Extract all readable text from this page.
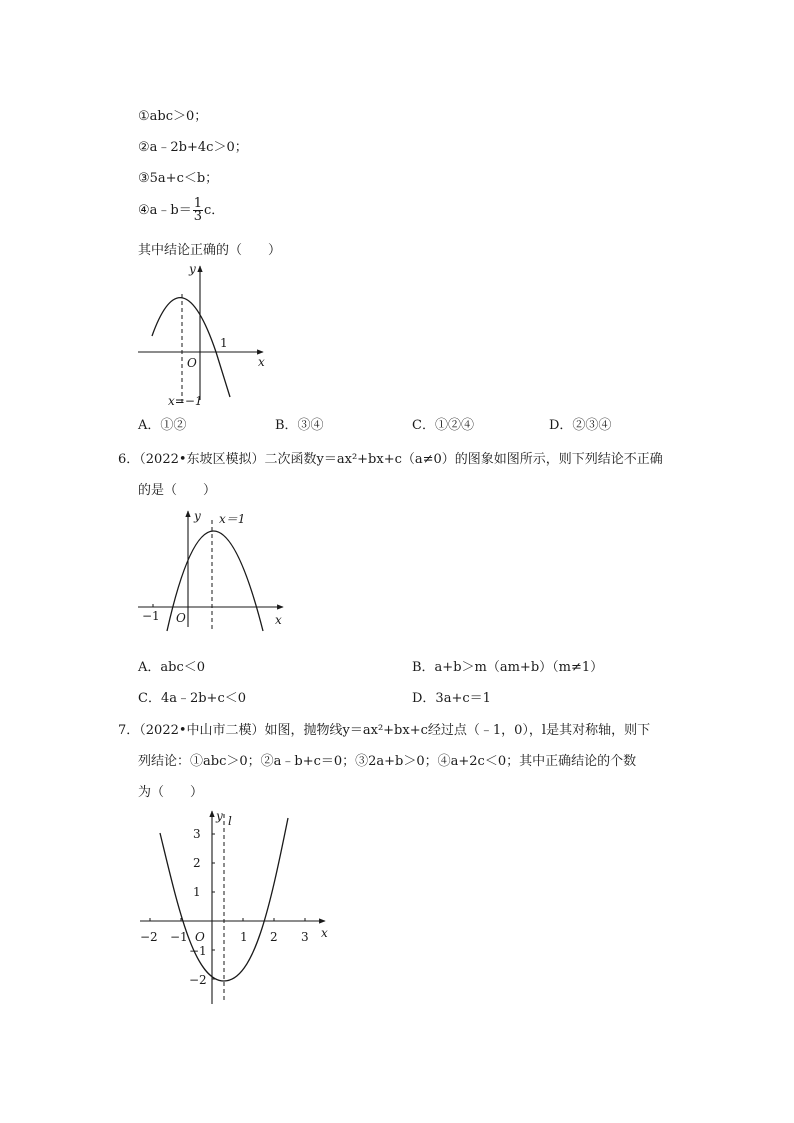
①abc＞0；
②a﹣2b+4c＞0；
③5a+c＜b；
④a﹣b＝ $\frac{1}{3}$ c．
其中结论正确的（　　）
y
x
O
1
x=−1
A．①②	B．③④	C．①②④	D．②③④
6．（2022•东坡区模拟）二次函数y＝ax²+bx+c（a≠0）的图象如图所示，则下列结论不正确
的是（　　）
y x＝1
x
O
−1
A．abc＜0	B．a+b＞m（am+b）（m≠1）
C．4a﹣2b+c＜0	D．3a+c＝1
7．（2022•中山市二模）如图，抛物线y＝ax²+bx+c经过点（﹣1，0），l是其对称轴，则下
列结论：①abc＞0；②a﹣b+c＝0；③2a+b＞0；④a+2c＜0；其中正确结论的个数
为（　　）
y l
x
O
−2 −1	1 2 3
3
2
1
−1
−2
